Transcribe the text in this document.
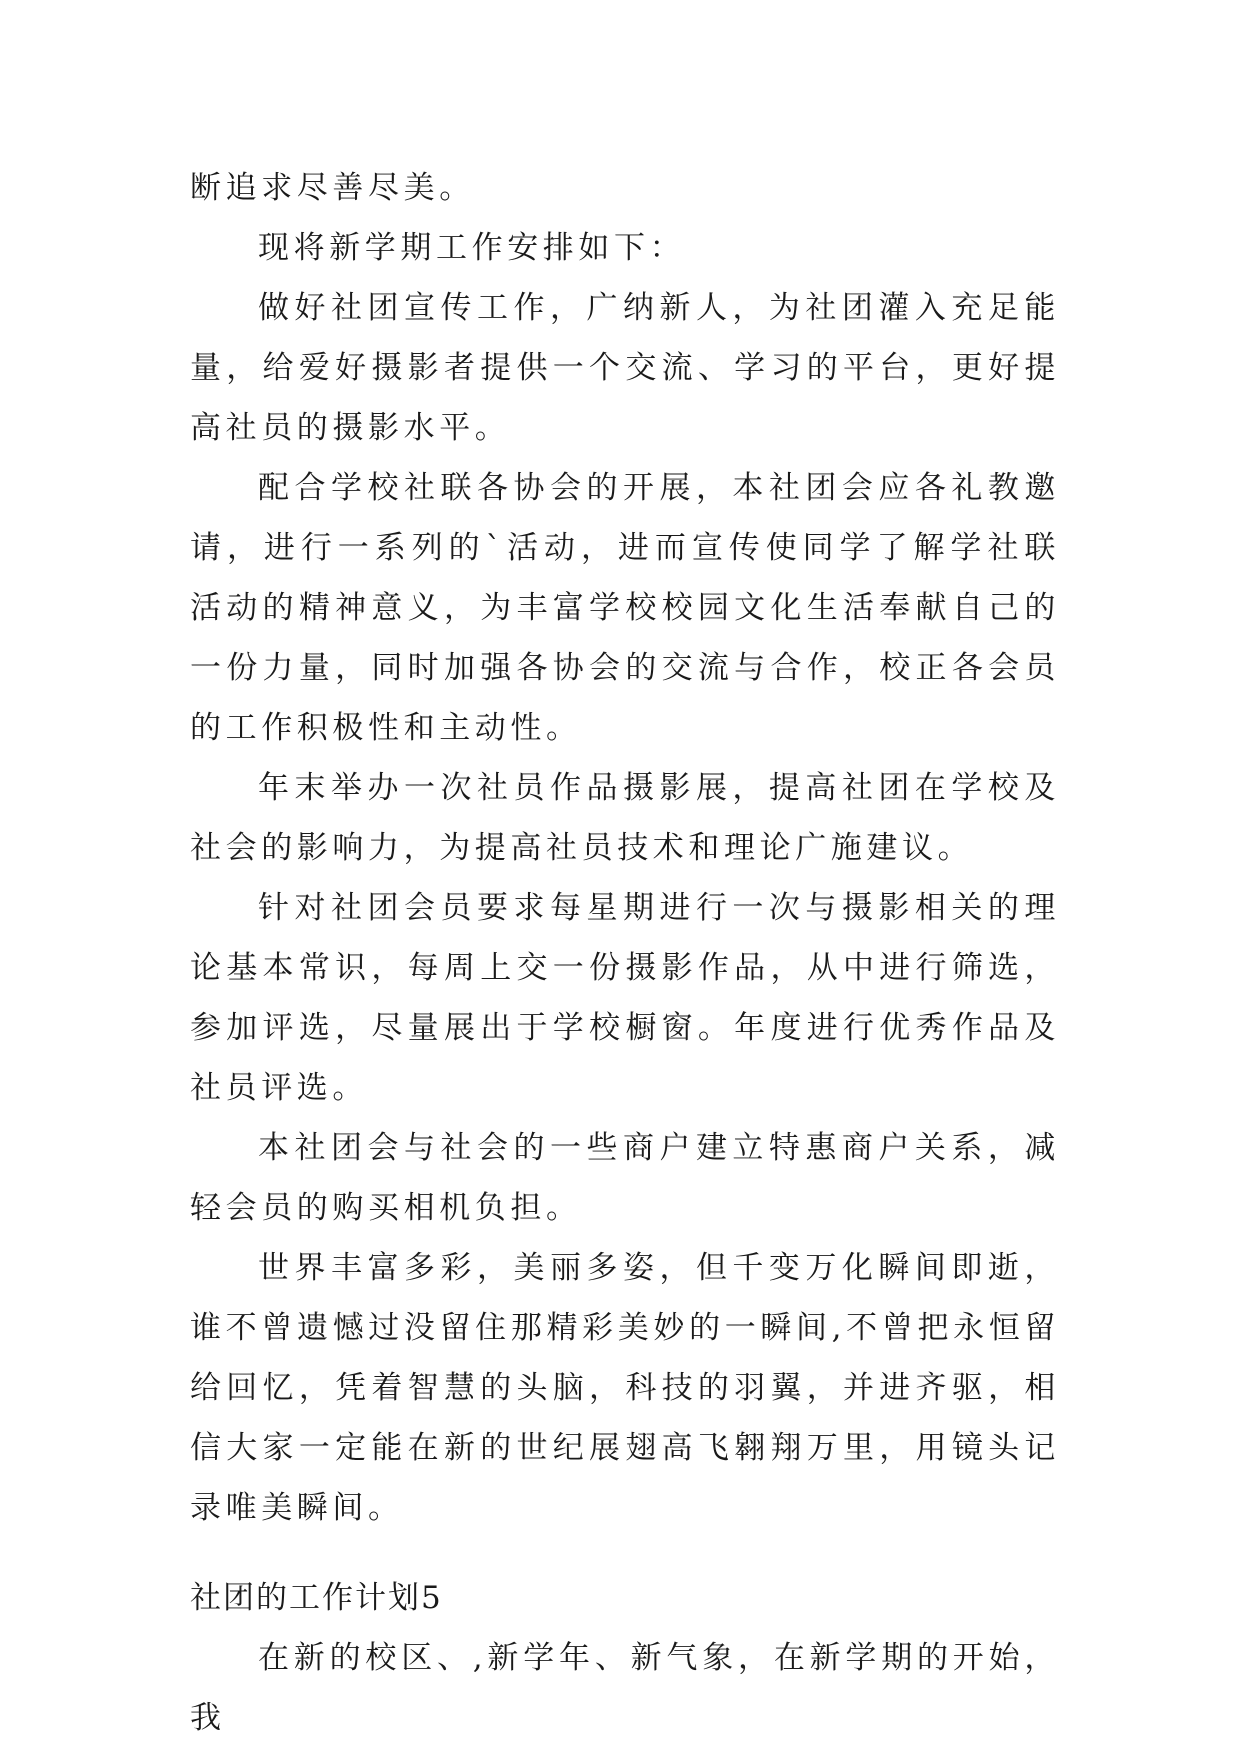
断追求尽善尽美。

现将新学期工作安排如下：

做好社团宣传工作，广纳新人，为社团灌入充足能量，给爱好摄影者提供一个交流、学习的平台，更好提高社员的摄影水平。

配合学校社联各协会的开展，本社团会应各礼教邀请，进行一系列的`活动，进而宣传使同学了解学社联活动的精神意义，为丰富学校校园文化生活奉献自己的一份力量，同时加强各协会的交流与合作，校正各会员的工作积极性和主动性。

年末举办一次社员作品摄影展，提高社团在学校及社会的影响力，为提高社员技术和理论广施建议。

针对社团会员要求每星期进行一次与摄影相关的理论基本常识，每周上交一份摄影作品，从中进行筛选，参加评选，尽量展出于学校橱窗。年度进行优秀作品及社员评选。

本社团会与社会的一些商户建立特惠商户关系，减轻会员的购买相机负担。

世界丰富多彩，美丽多姿，但千变万化瞬间即逝，谁不曾遗憾过没留住那精彩美妙的一瞬间,不曾把永恒留给回忆，凭着智慧的头脑，科技的羽翼，并进齐驱，相信大家一定能在新的世纪展翅高飞翱翔万里，用镜头记录唯美瞬间。

社团的工作计划5

在新的校区、,新学年、新气象，在新学期的开始，我
